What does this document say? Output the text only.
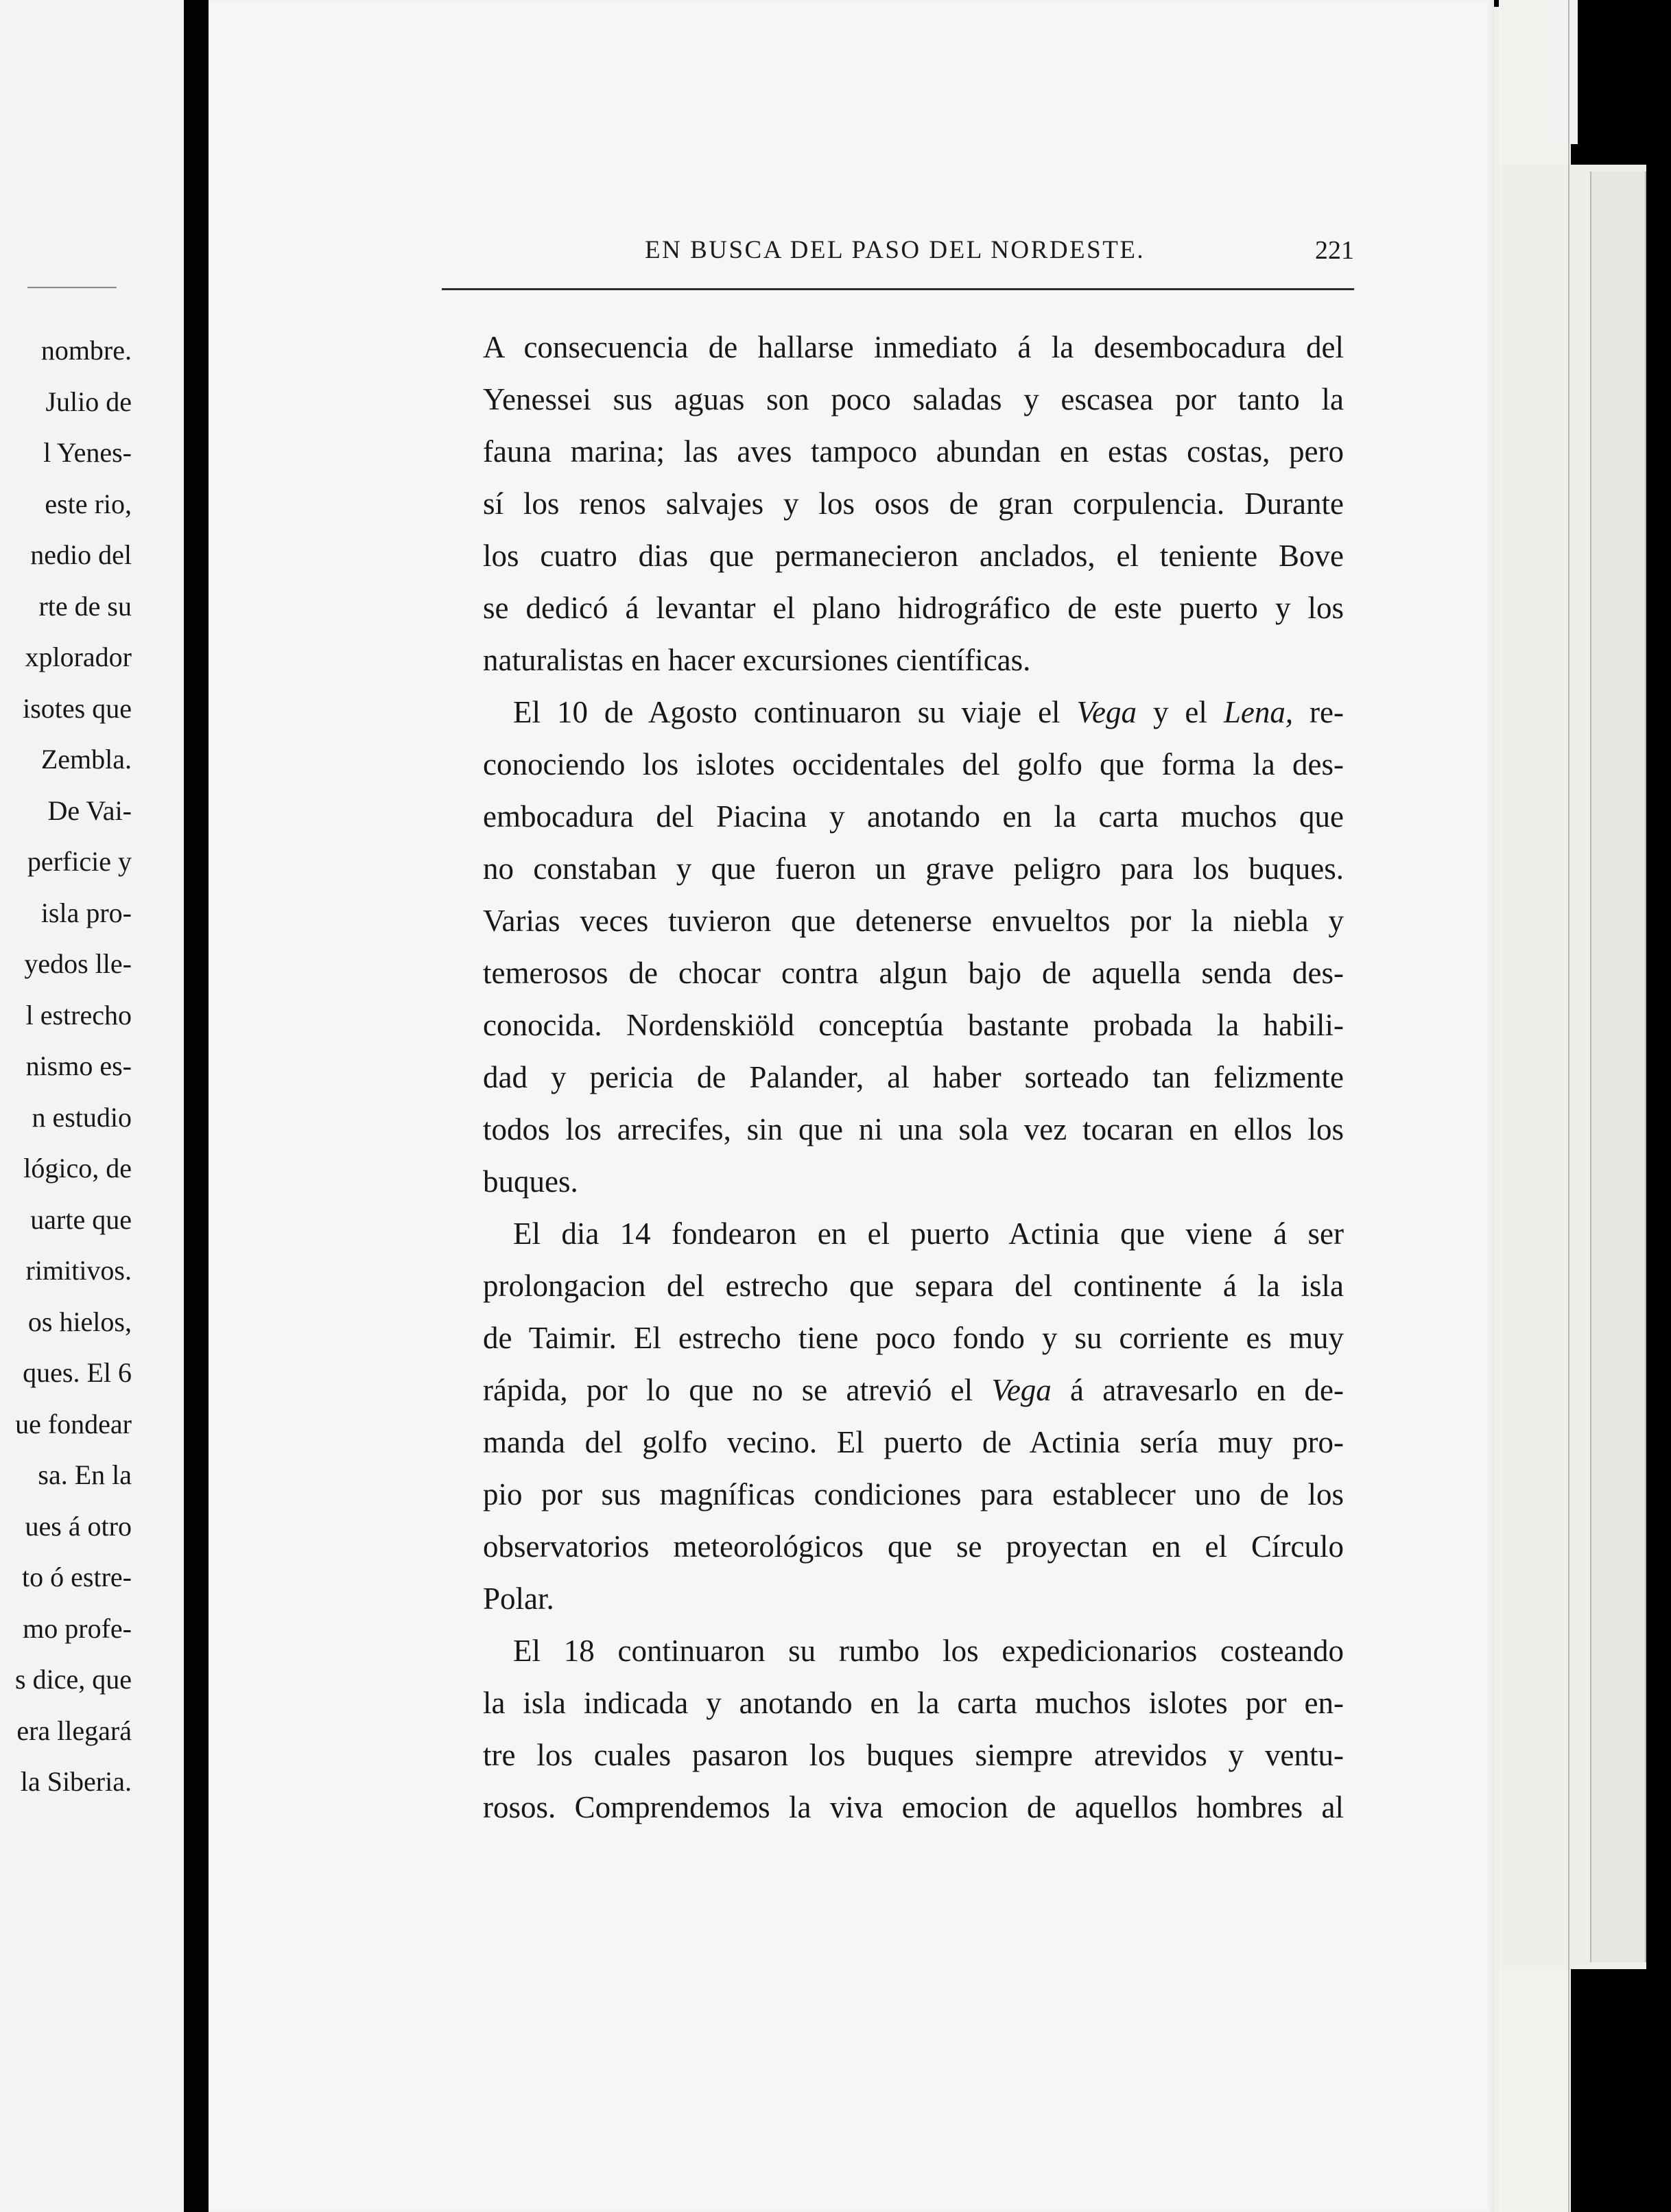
nombre.
Julio de
l Yenes-
este rio,
nedio del
rte de su
xplorador
isotes que
Zembla.
De Vai-
perficie y
isla pro-
yedos lle-
l estrecho
nismo es-
n estudio
lógico, de
uarte que
rimitivos.
os hielos,
ques. El 6
ue fondear
sa. En la
ues á otro
to ó estre-
mo profe-
s dice, que
era llegará
la Siberia.
EN BUSCA DEL PASO DEL NORDESTE.	221
A consecuencia de hallarse inmediato á la desembocadura del
Yenessei sus aguas son poco saladas y escasea por tanto la
fauna marina; las aves tampoco abundan en estas costas, pero
sí los renos salvajes y los osos de gran corpulencia. Durante
los cuatro dias que permanecieron anclados, el teniente Bove
se dedicó á levantar el plano hidrográfico de este puerto y los
naturalistas en hacer excursiones científicas.
El 10 de Agosto continuaron su viaje el Vega y el Lena, re-
conociendo los islotes occidentales del golfo que forma la des-
embocadura del Piacina y anotando en la carta muchos que
no constaban y que fueron un grave peligro para los buques.
Varias veces tuvieron que detenerse envueltos por la niebla y
temerosos de chocar contra algun bajo de aquella senda des-
conocida. Nordenskiöld conceptúa bastante probada la habili-
dad y pericia de Palander, al haber sorteado tan felizmente
todos los arrecifes, sin que ni una sola vez tocaran en ellos los
buques.
El dia 14 fondearon en el puerto Actinia que viene á ser
prolongacion del estrecho que separa del continente á la isla
de Taimir. El estrecho tiene poco fondo y su corriente es muy
rápida, por lo que no se atrevió el Vega á atravesarlo en de-
manda del golfo vecino. El puerto de Actinia sería muy pro-
pio por sus magníficas condiciones para establecer uno de los
observatorios meteorológicos que se proyectan en el Círculo
Polar.
El 18 continuaron su rumbo los expedicionarios costeando
la isla indicada y anotando en la carta muchos islotes por en-
tre los cuales pasaron los buques siempre atrevidos y ventu-
rosos. Comprendemos la viva emocion de aquellos hombres al
